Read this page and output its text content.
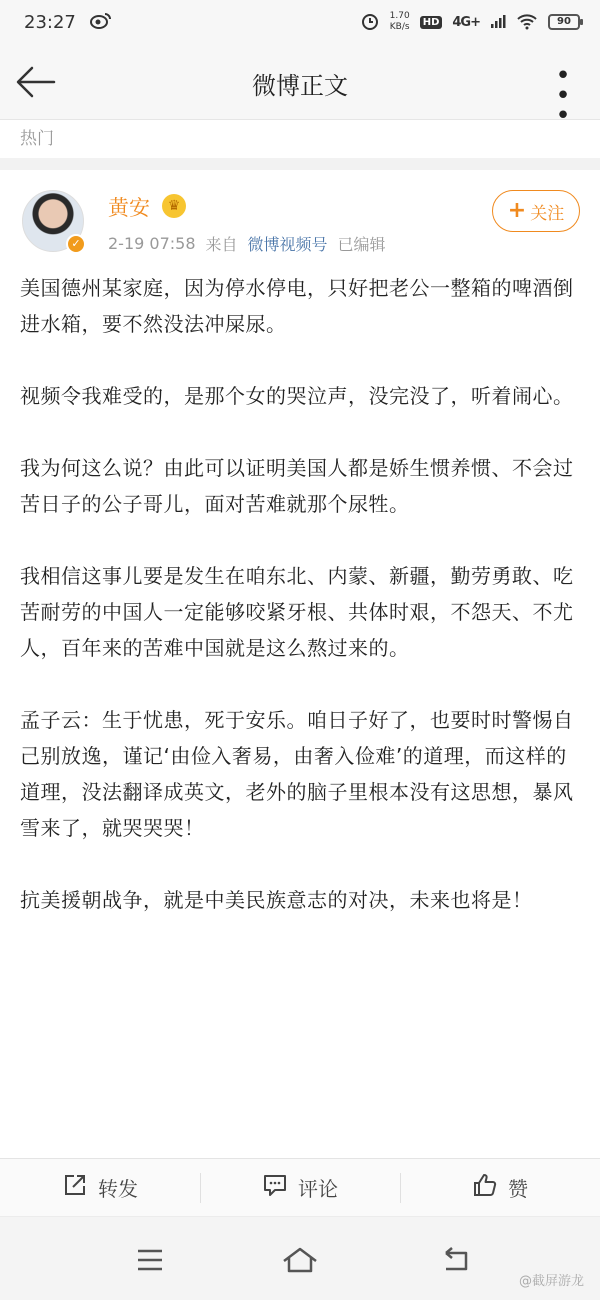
23:27	1.70
KB/s	HD 4G+	90
微博正文	• • •
热门
✓
黄安	♛	+ 关注
2-19 07:58 来自 微博视频号 已编辑

美国德州某家庭，因为停水停电，只好把老公一整箱的啤酒倒进水箱，要不然没法冲屎尿。

视频令我难受的，是那个女的哭泣声，没完没了，听着闹心。

我为何这么说？由此可以证明美国人都是娇生惯养惯、不会过苦日子的公子哥儿，面对苦难就那个尿牲。

我相信这事儿要是发生在咱东北、内蒙、新疆，勤劳勇敢、吃苦耐劳的中国人一定能够咬紧牙根、共体时艰，不怨天、不尤人，百年来的苦难中国就是这么熬过来的。

孟子云：生于忧患，死于安乐。咱日子好了，也要时时警惕自己别放逸，谨记‘由俭入奢易，由奢入俭难’的道理，而这样的道理，没法翻译成英文，老外的脑子里根本没有这思想，暴风雪来了，就哭哭哭！

抗美援朝战争，就是中美民族意志的对决，未来也将是！

转发	评论	赞
@截屏游龙
